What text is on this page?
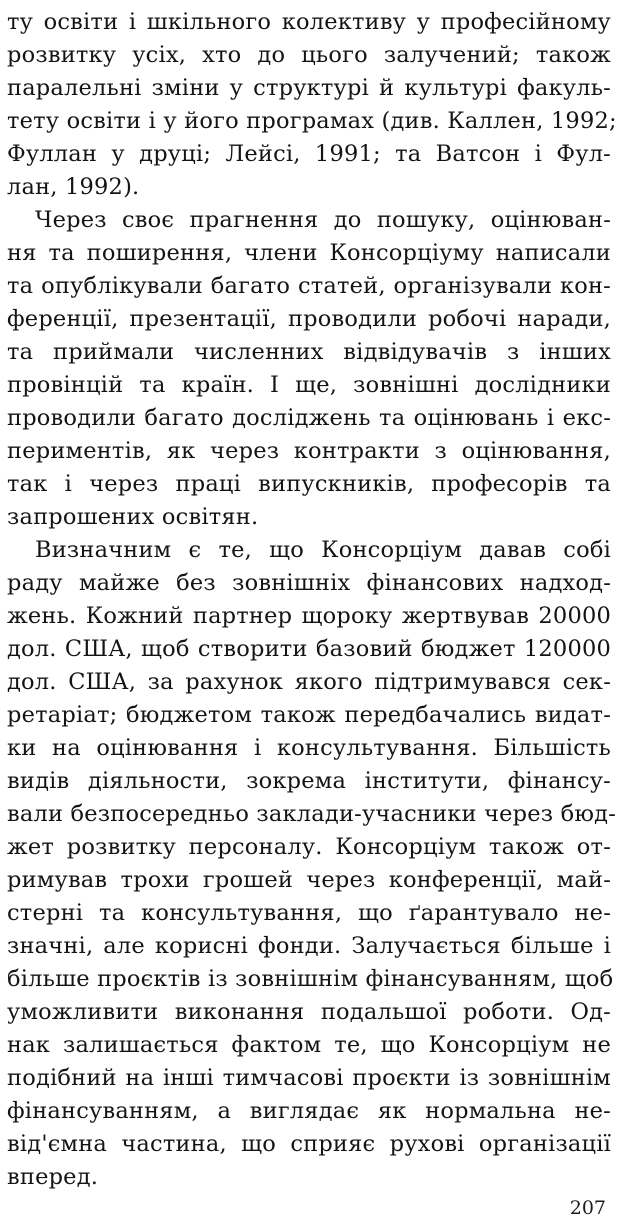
ту освіти і шкільного колективу у професійному
розвитку усіх, хто до цього залучений; також
паралельні зміни у структурі й культурі факуль-
тету освіти і у його програмах (див. Каллен, 1992;
Фуллан у друці; Лейсі, 1991; та Ватсон і Фул-
лан, 1992).
Через своє прагнення до пошуку, оцінюван-
ня та поширення, члени Консорціуму написали
та опублікували багато статей, організували кон-
ференції, презентації, проводили робочі наради,
та приймали численних відвідувачів з інших
провінцій та країн. І ще, зовнішні дослідники
проводили багато досліджень та оцінювань і екс-
периментів, як через контракти з оцінювання,
так і через праці випускників, професорів та
запрошених освітян.
Визначним є те, що Консорціум давав собі
раду майже без зовнішніх фінансових надход-
жень. Кожний партнер щороку жертвував 20000
дол. США, щоб створити базовий бюджет 120000
дол. США, за рахунок якого підтримувався сек-
ретаріат; бюджетом також передбачались видат-
ки на оцінювання і консультування. Більшість
видів діяльности, зокрема інститути, фінансу-
вали безпосередньо заклади-учасники через бюд-
жет розвитку персоналу. Консорціум також от-
римував трохи грошей через конференції, май-
стерні та консультування, що ґарантувало не-
значні, але корисні фонди. Залучається більше і
більше проєктів із зовнішнім фінансуванням, щоб
уможливити виконання подальшої роботи. Од-
нак залишається фактом те, що Консорціум не
подібний на інші тимчасові проєкти із зовнішнім
фінансуванням, а виглядає як нормальна не-
від'ємна частина, що сприяє рухові організації
вперед.
207
